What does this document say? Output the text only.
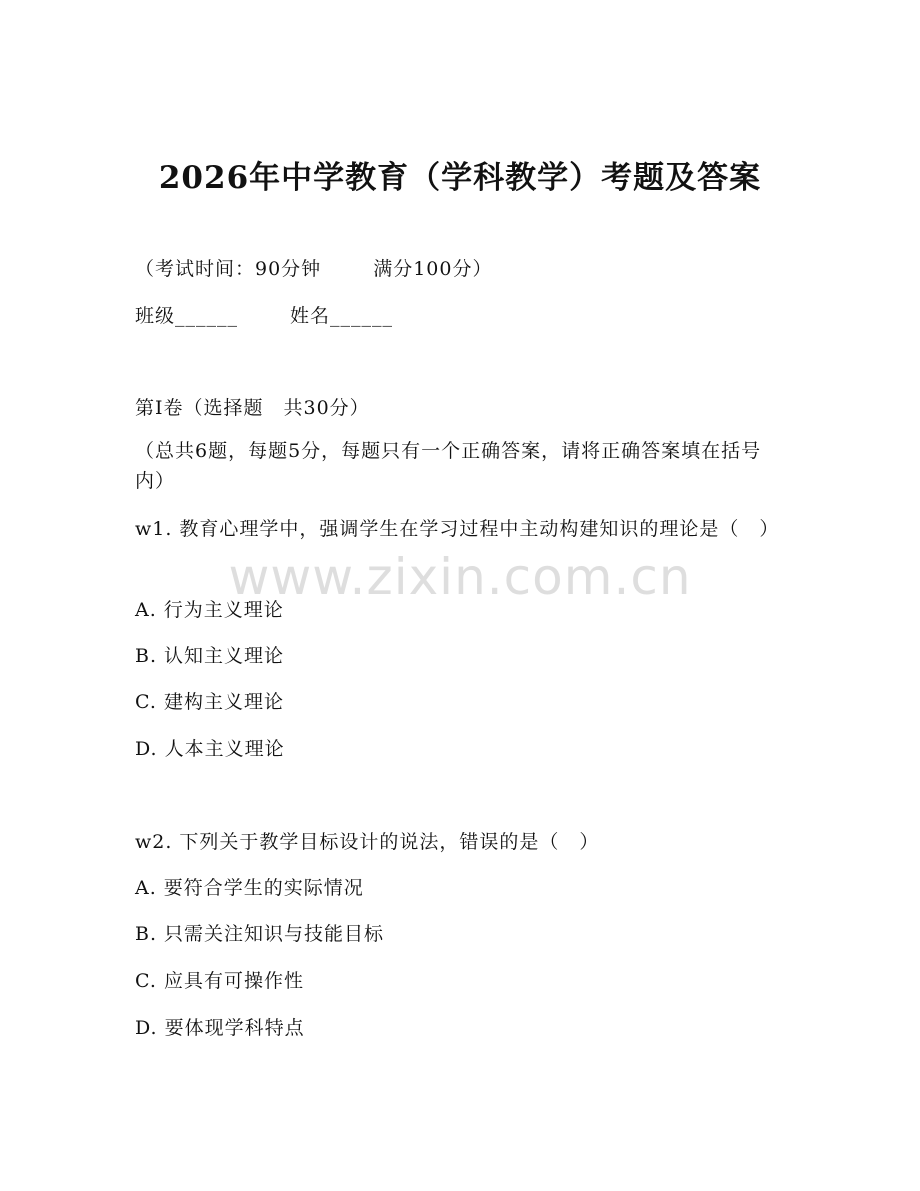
2026年中学教育（学科教学）考题及答案
（考试时间：90分钟	满分100分）
班级______	姓名______
第I卷（选择题　共30分）
（总共6题，每题5分，每题只有一个正确答案，请将正确答案填在括号内）
w1. 教育心理学中，强调学生在学习过程中主动构建知识的理论是（　）
A. 行为主义理论
B. 认知主义理论
C. 建构主义理论
D. 人本主义理论
w2. 下列关于教学目标设计的说法，错误的是（　）
A. 要符合学生的实际情况
B. 只需关注知识与技能目标
C. 应具有可操作性
D. 要体现学科特点
www.zixin.com.cn
